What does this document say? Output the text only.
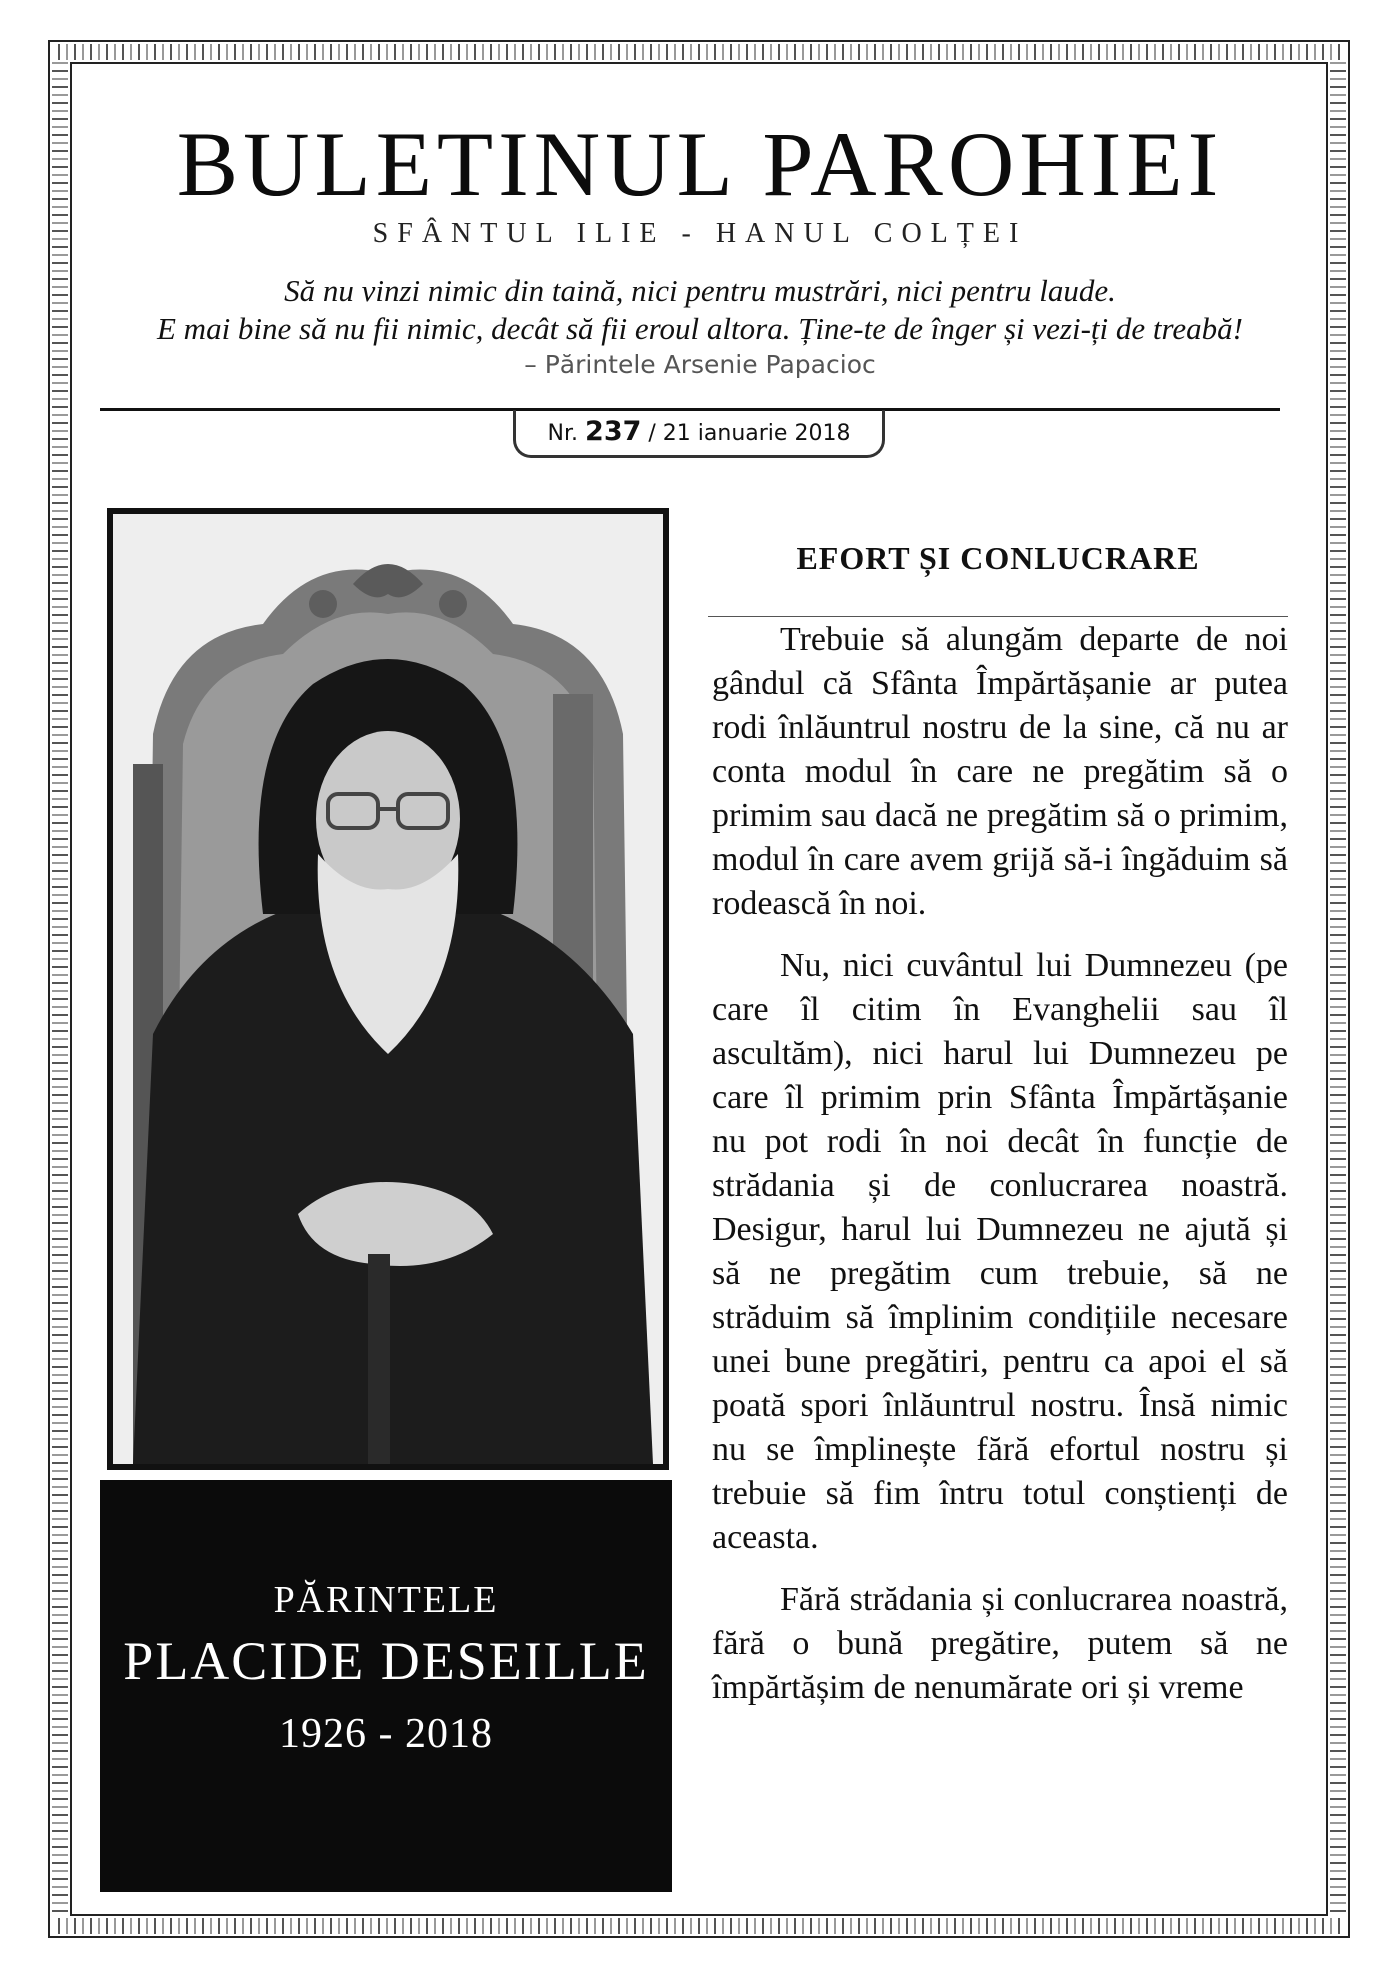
BULETINUL PAROHIEI
SFÂNTUL ILIE - HANUL COLȚEI
Să nu vinzi nimic din taină, nici pentru mustrări, nici pentru laude.
E mai bine să nu fii nimic, decât să fii eroul altora. Ține-te de înger și vezi-ți de treabă!
– Părintele Arsenie Papacioc
Nr. 237 / 21 ianuarie 2018
PĂRINTELE
PLACIDE DESEILLE
1926 - 2018
EFORT ȘI CONLUCRARE

Trebuie să alungăm departe de noi gândul că Sfânta Împărtășanie ar putea rodi înlăuntrul nostru de la sine, că nu ar conta modul în care ne pregătim să o primim sau dacă ne pregătim să o primim, modul în care avem grijă să-i îngăduim să rodească în noi.

Nu, nici cuvântul lui Dumnezeu (pe care îl citim în Evanghelii sau îl ascultăm), nici harul lui Dumnezeu pe care îl primim prin Sfânta Împărtășanie nu pot rodi în noi decât în funcție de strădania și de conlucrarea noastră. Desigur, harul lui Dumnezeu ne ajută și să ne pregătim cum trebuie, să ne străduim să împlinim condițiile necesare unei bune pregătiri, pentru ca apoi el să poată spori înlăuntrul nostru. Însă nimic nu se împlinește fără efortul nostru și trebuie să fim întru totul conștienți de aceasta.

Fără strădania și conlucrarea noastră, fără o bună pregătire, putem să ne împărtășim de nenumărate ori și vreme
